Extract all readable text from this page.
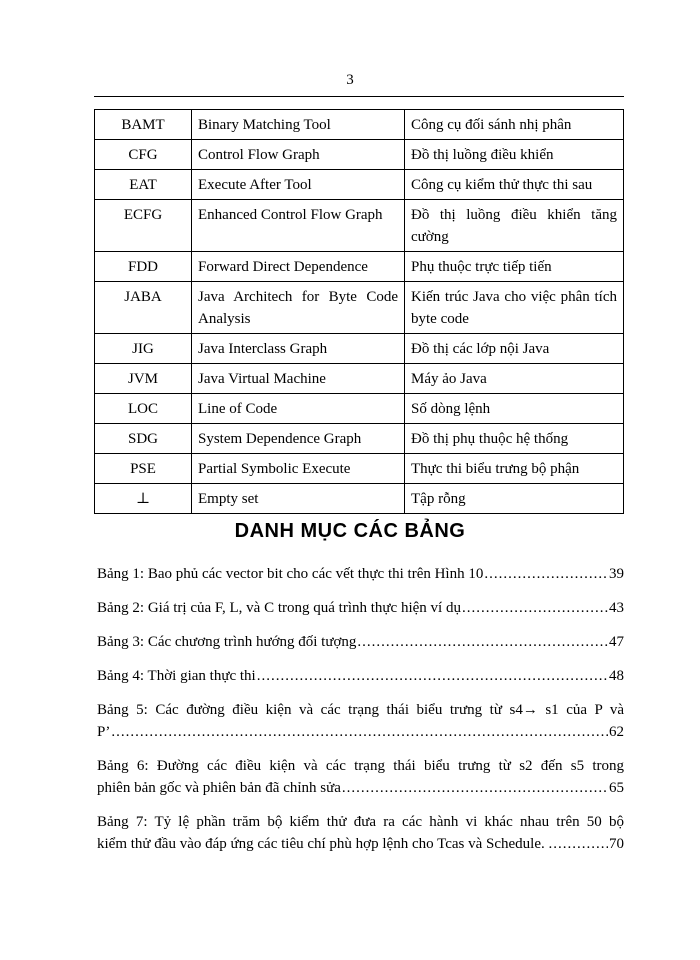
3
BAMT	Binary Matching Tool	Công cụ đối sánh nhị phân
CFG	Control Flow Graph	Đồ thị luồng điều khiển
EAT	Execute After Tool	Công cụ kiểm thử thực thi sau
ECFG	Enhanced Control Flow Graph	Đồ thị luồng điều khiển tăng cường
FDD	Forward Direct Dependence	Phụ thuộc trực tiếp tiến
JABA	Java Architech for Byte Code Analysis	Kiến trúc Java cho việc phân tích byte code
JIG	Java Interclass Graph	Đồ thị các lớp nội Java
JVM	Java Virtual Machine	Máy ảo Java
LOC	Line of Code	Số dòng lệnh
SDG	System Dependence Graph	Đồ thị phụ thuộc hệ thống
PSE	Partial Symbolic Execute	Thực thi biểu trưng bộ phận
⊥	Empty set	Tập rỗng
DANH MỤC CÁC BẢNG
Bảng 1: Bao phủ các vector bit cho các vết thực thi trên Hình 10 .....	39
Bảng 2: Giá trị của F, L, và C trong quá trình thực hiện ví dụ .....	43
Bảng 3: Các chương trình hướng đối tượng .....	47
Bảng 4: Thời gian thực thi .....	48
Bảng 5: Các đường điều kiện và các trạng thái biểu trưng từ s4→ s1 của P và
P’ .....	62
Bảng 6: Đường các điều kiện và các trạng thái biểu trưng từ s2 đến s5 trong
phiên bản gốc và phiên bản đã chỉnh sửa .....	65
Bảng 7: Tỷ lệ phần trăm bộ kiểm thử đưa ra các hành vi khác nhau trên 50 bộ
kiểm thử đầu vào đáp ứng các tiêu chí phù hợp lệnh cho Tcas và Schedule. . .....	70
